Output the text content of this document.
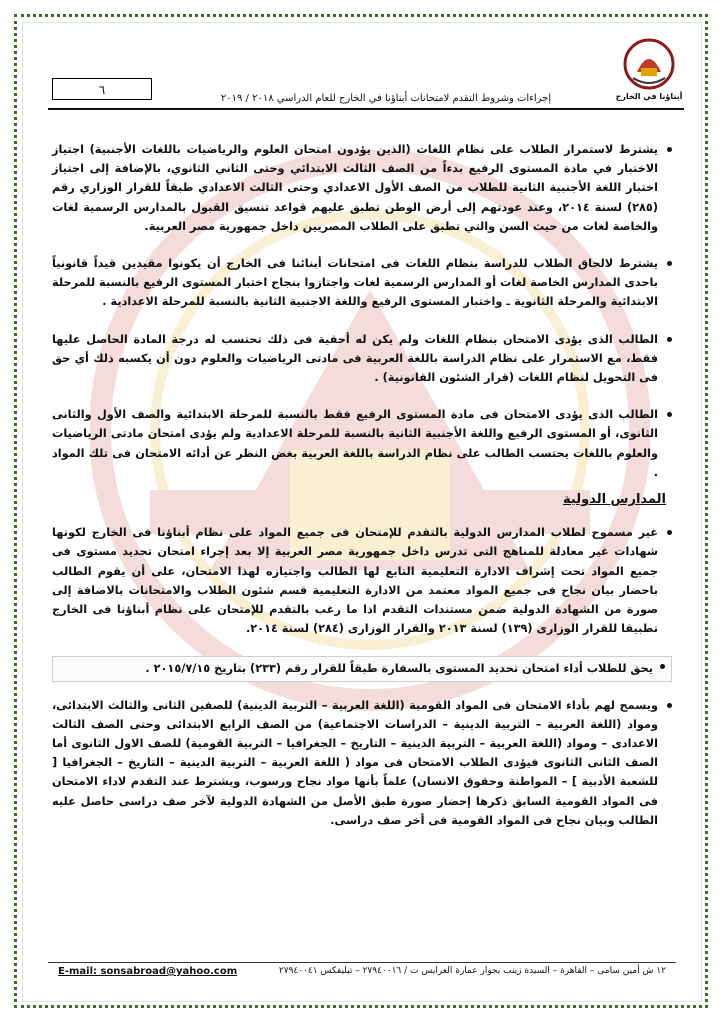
أبناؤنا في الخارج
٦
إجراءات وشروط التقدم لامتحانات أبناؤنا في الخارج للعام الدراسي ٢٠١٨ / ٢٠١٩
يشترط لاستمرار الطلاب على نظام اللغات (الذين يؤدون امتحان العلوم والرياضيات باللغات الأجنبية) اجتياز الاختبار في مادة المستوى الرفيع بدءاً من الصف الثالث الابتدائي وحتى الثاني الثانوي، بالإضافة إلى اجتياز اختبار اللغة الأجنبية الثانية للطلاب من الصف الأول الاعدادي وحتى الثالث الاعدادي طبقاً للقرار الوزاري رقم (٢٨٥) لسنة ٢٠١٤، وعند عودتهم إلى أرض الوطن تطبق عليهم قواعد تنسيق القبول بالمدارس الرسمية لغات والخاصة لغات من حيث السن والتي تطبق على الطلاب المصريين داخل جمهورية مصر العربية.
يشترط لالحاق الطلاب للدراسة بنظام اللغات فى امتحانات أبنائنا فى الخارج أن يكونوا مقيدين قيداً قانونياً باحدى المدارس الخاصة لغات أو المدارس الرسمية لغات واجتازوا بنجاح اختبار المستوى الرفيع بالنسبة للمرحلة الابتدائية والمرحلة الثانوية ـ واختبار المستوى الرفيع واللغة الاجنبية الثانية بالنسبة للمرحلة الاعدادية .
الطالب الذى يؤدى الامتحان بنظام اللغات ولم يكن له أحقية فى ذلك تحتسب له درجة المادة الحاصل عليها فقط، مع الاستمرار على نظام الدراسة باللغة العربية فى مادتى الرياضيات والعلوم دون أن يكسبه ذلك أي حق فى التحويل لنظام اللغات (قرار الشئون القانونية) .
الطالب الذى يؤدى الامتحان فى مادة المستوى الرفيع فقط بالنسبة للمرحلة الابتدائية والصف الأول والثانى الثانوى، أو المستوى الرفيع واللغة الأجنبية الثانية بالنسبة للمرحلة الاعدادية ولم يؤدى امتحان مادتى الرياضيات والعلوم باللغات يحتسب الطالب على نظام الدراسة باللغة العربية بغض النظر عن أدائه الامتحان فى تلك المواد .
المدارس الدولية
غير مسموح لطلاب المدارس الدولية بالتقدم للإمتحان فى جميع المواد على نظام أبناؤنا فى الخارج لكونها شهادات غير معادلة للمناهج التى تدرس داخل جمهورية مصر العربية إلا بعد إجراء امتحان تحديد مستوى فى جميع المواد تحت إشراف الادارة التعليمية التابع لها الطالب واجتيازه لهذا الامتحان، على أن يقوم الطالب باحضار بيان نجاح فى جميع المواد معتمد من الادارة التعليمية قسم شئون الطلاب والامتحانات بالاضافة إلى صورة من الشهادة الدولية ضمن مستندات التقدم اذا ما رغب بالتقدم للإمتحان على نظام أبناؤنا فى الخارج تطبيقا للقرار الوزارى (١٣٩) لسنة ٢٠١٣ والقرار الوزارى (٢٨٤) لسنة ٢٠١٤.
يحق للطلاب أداء امتحان تحديد المستوى بالسفارة طبقاً للقرار رقم (٢٣٣) بتاريخ ٢٠١٥/٧/١٥ .
ويسمح لهم بأداء الامتحان فى المواد القومية (اللغة العربية – التربية الدينية) للصفين الثانى والثالث الابتدائى، ومواد (اللغة العربية – التربية الدينية – الدراسات الاجتماعية) من الصف الرابع الابتدائى وحتى الصف الثالث الاعدادى – ومواد (اللغة العربية – التربية الدينية – التاريخ – الجغرافيا – التربية القومية) للصف الاول الثانوى أما الصف الثانى الثانوى فيؤدى الطلاب الامتحان فى مواد ( اللغة العربية – التربية الدينية – التاريخ – الجغرافيا [ للشعبة الأدبية ] – المواطنة وحقوق الانسان) علماً بأنها مواد نجاح ورسوب، ويشترط عند التقدم لاداء الامتحان فى المواد القومية السابق ذكرها إحضار صورة طبق الأصل من الشهادة الدولية لآخر صف دراسى حاصل عليه الطالب وبيان نجاح فى المواد القومية فى أخر صف دراسى.
E-mail: sonsabroad@yahoo.com	١٢ ش أمين سامى – القاهرة – السيدة زينب بجوار عمارة العرايس ت / ٢٧٩٤٠٠١٦ – تيليفكس ٢٧٩٤٠٠٤١
